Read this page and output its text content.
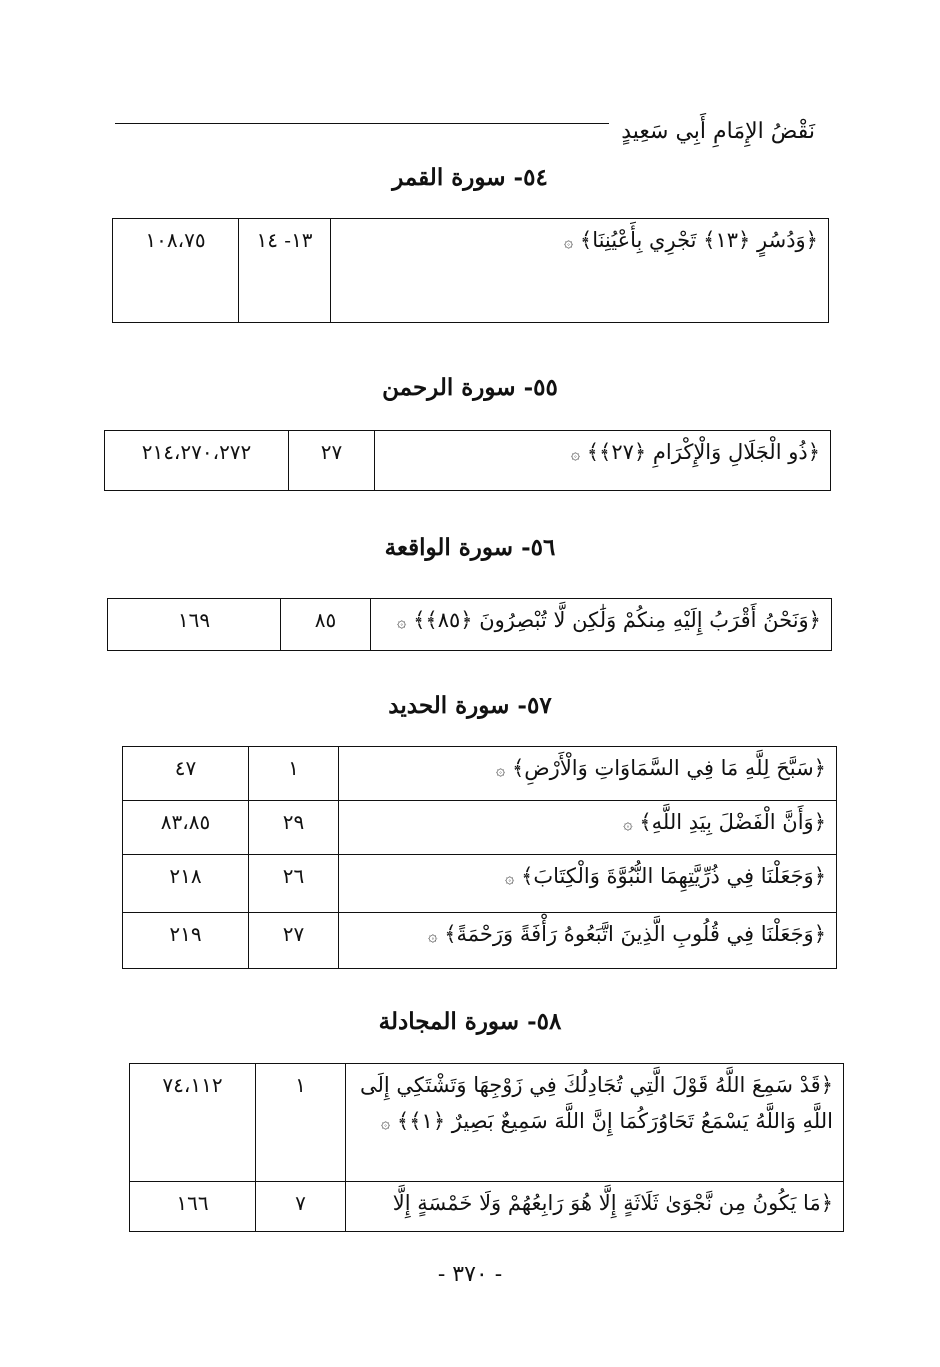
نَقْضُ الإِمَامِ أَبِي سَعِيدٍ
٥٤- سورة القمر
﴿وَدُسُرٍ ﴿١٣﴾ تَجْرِي بِأَعْيُنِنَا﴾ ۞	١٣- ١٤	١٠٨،٧٥
٥٥- سورة الرحمن
﴿ذُو الْجَلَالِ وَالْإِكْرَامِ ﴿٢٧﴾﴾ ۞	٢٧	٢١٤،٢٧٠،٢٧٢
٥٦- سورة الواقعة
﴿وَنَحْنُ أَقْرَبُ إِلَيْهِ مِنكُمْ وَلَٰكِن لَّا تُبْصِرُونَ ﴿٨٥﴾﴾ ۞	٨٥	١٦٩
٥٧- سورة الحديد
﴿سَبَّحَ لِلَّهِ مَا فِي السَّمَاوَاتِ وَالْأَرْضِ﴾ ۞	١	٤٧
﴿وَأَنَّ الْفَضْلَ بِيَدِ اللَّهِ﴾ ۞	٢٩	٨٣،٨٥
﴿وَجَعَلْنَا فِي ذُرِّيَّتِهِمَا النُّبُوَّةَ وَالْكِتَابَ﴾ ۞	٢٦	٢١٨
﴿وَجَعَلْنَا فِي قُلُوبِ الَّذِينَ اتَّبَعُوهُ رَأْفَةً وَرَحْمَةً﴾ ۞	٢٧	٢١٩
٥٨- سورة المجادلة
﴿قَدْ سَمِعَ اللَّهُ قَوْلَ الَّتِي تُجَادِلُكَ فِي زَوْجِهَا وَتَشْتَكِي إِلَى اللَّهِ وَاللَّهُ يَسْمَعُ تَحَاوُرَكُمَا إِنَّ اللَّهَ سَمِيعٌ بَصِيرٌ ﴿١﴾﴾ ۞	١	٧٤،١١٢
﴿مَا يَكُونُ مِن نَّجْوَىٰ ثَلَاثَةٍ إِلَّا هُوَ رَابِعُهُمْ وَلَا خَمْسَةٍ إِلَّا	٧	١٦٦
- ٣٧٠ -
